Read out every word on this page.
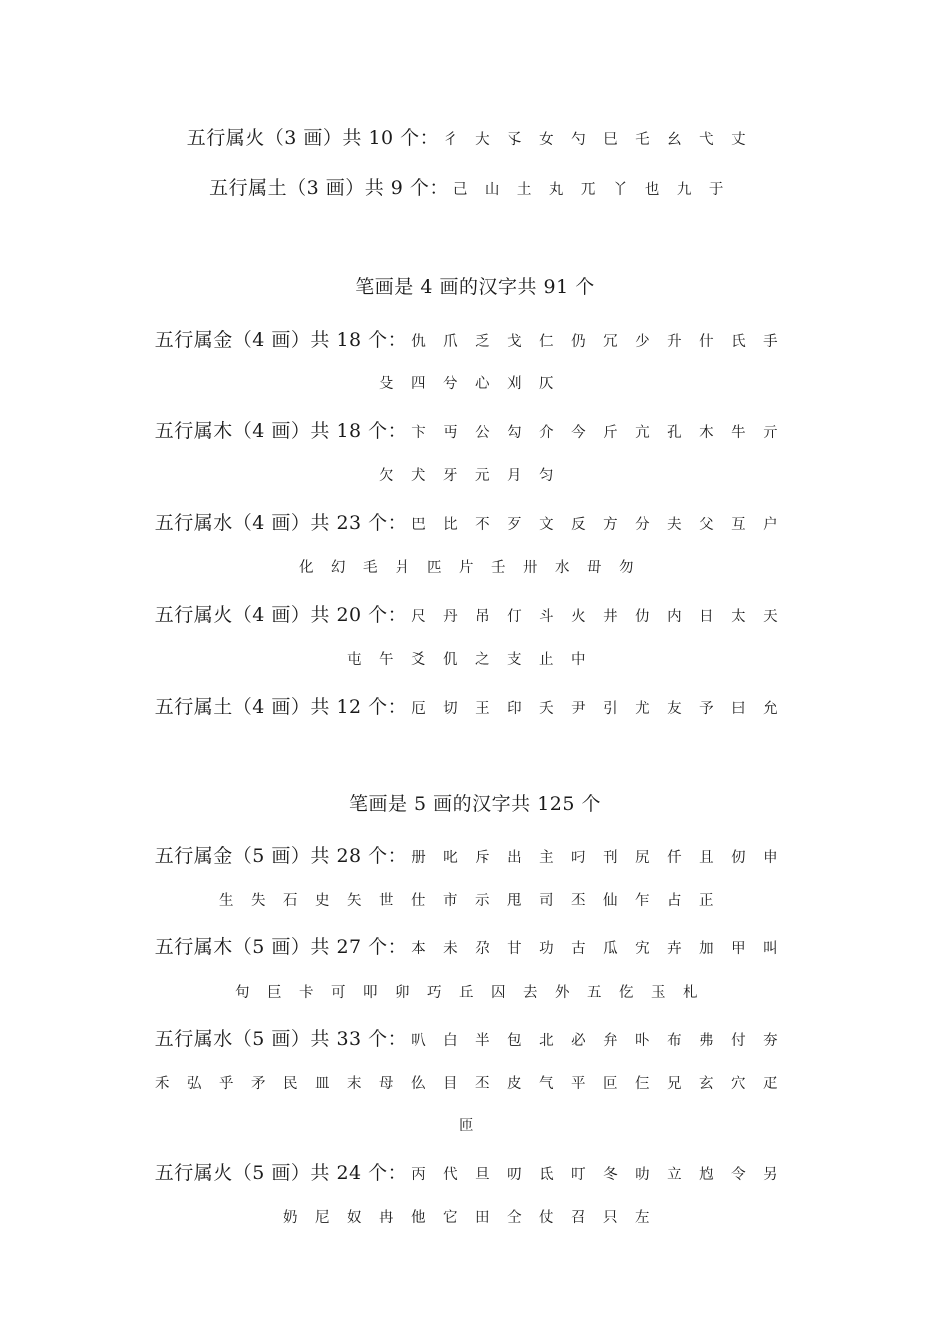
五行属火（3 画）共 10 个： 彳大孓女勺巳乇幺弋丈
五行属土（3 画）共 9 个： 己山土丸兀丫也九于
笔画是 4 画的汉字共 91 个
五行属金（4 画）共 18 个： 仇爪乏戈仁仍冗少升什氏手
殳四兮心刈仄
五行属木（4 画）共 18 个： 卞丏公勾介今斤亢孔木牛亓
欠犬牙元月匀
五行属水（4 画）共 23 个： 巴比不歹文反方分夫父互户
化幻毛爿匹片壬卅水毌勿
五行属火（4 画）共 20 个： 尺丹吊仃斗火井仂内日太天
屯午爻仉之支止中
五行属土（4 画）共 12 个： 厄切王印夭尹引尤友予曰允
笔画是 5 画的汉字共 125 个
五行属金（5 画）共 28 个： 册叱斥出主叼刊尻仟且仞申
生失石史矢世仕市示甩司丕仙乍占正
五行属木（5 画）共 27 个： 本未尕甘功古瓜宄卉加甲叫
句巨卡可叩卯巧丘囚去外五仡玉札
五行属水（5 画）共 33 个： 叭白半包北必弁卟布弗付夯
禾弘乎矛民皿末母仫目丕皮气平叵仨兄玄穴疋
匝
五行属火（5 画）共 24 个： 丙代旦叨氐叮冬叻立尥令另
奶尼奴冉他它田仝仗召只左
